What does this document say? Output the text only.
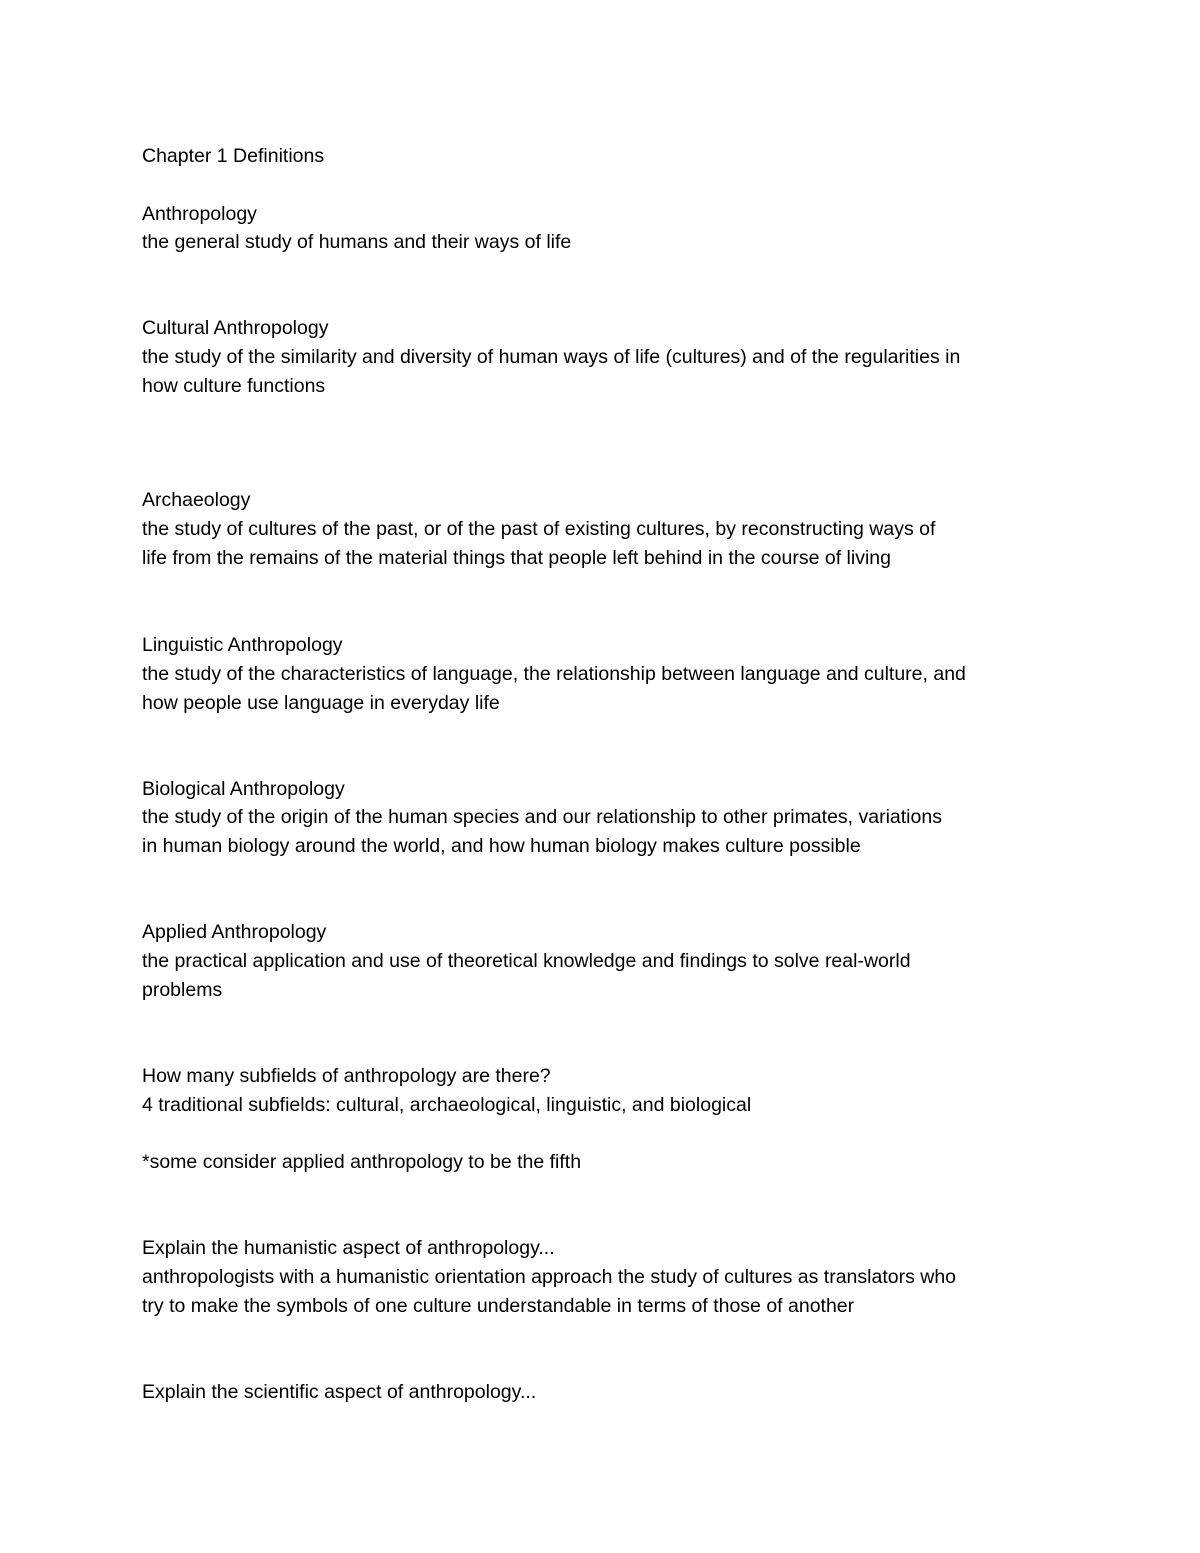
Chapter 1 Definitions
Anthropology
the general study of humans and their ways of life
Cultural Anthropology
the study of the similarity and diversity of human ways of life (cultures) and of the regularities in
how culture functions
Archaeology
the study of cultures of the past, or of the past of existing cultures, by reconstructing ways of
life from the remains of the material things that people left behind in the course of living
Linguistic Anthropology
the study of the characteristics of language, the relationship between language and culture, and
how people use language in everyday life
Biological Anthropology
the study of the origin of the human species and our relationship to other primates, variations
in human biology around the world, and how human biology makes culture possible
Applied Anthropology
the practical application and use of theoretical knowledge and findings to solve real-world
problems
How many subfields of anthropology are there?
4 traditional subfields: cultural, archaeological, linguistic, and biological
*some consider applied anthropology to be the fifth
Explain the humanistic aspect of anthropology...
anthropologists with a humanistic orientation approach the study of cultures as translators who
try to make the symbols of one culture understandable in terms of those of another
Explain the scientific aspect of anthropology...
